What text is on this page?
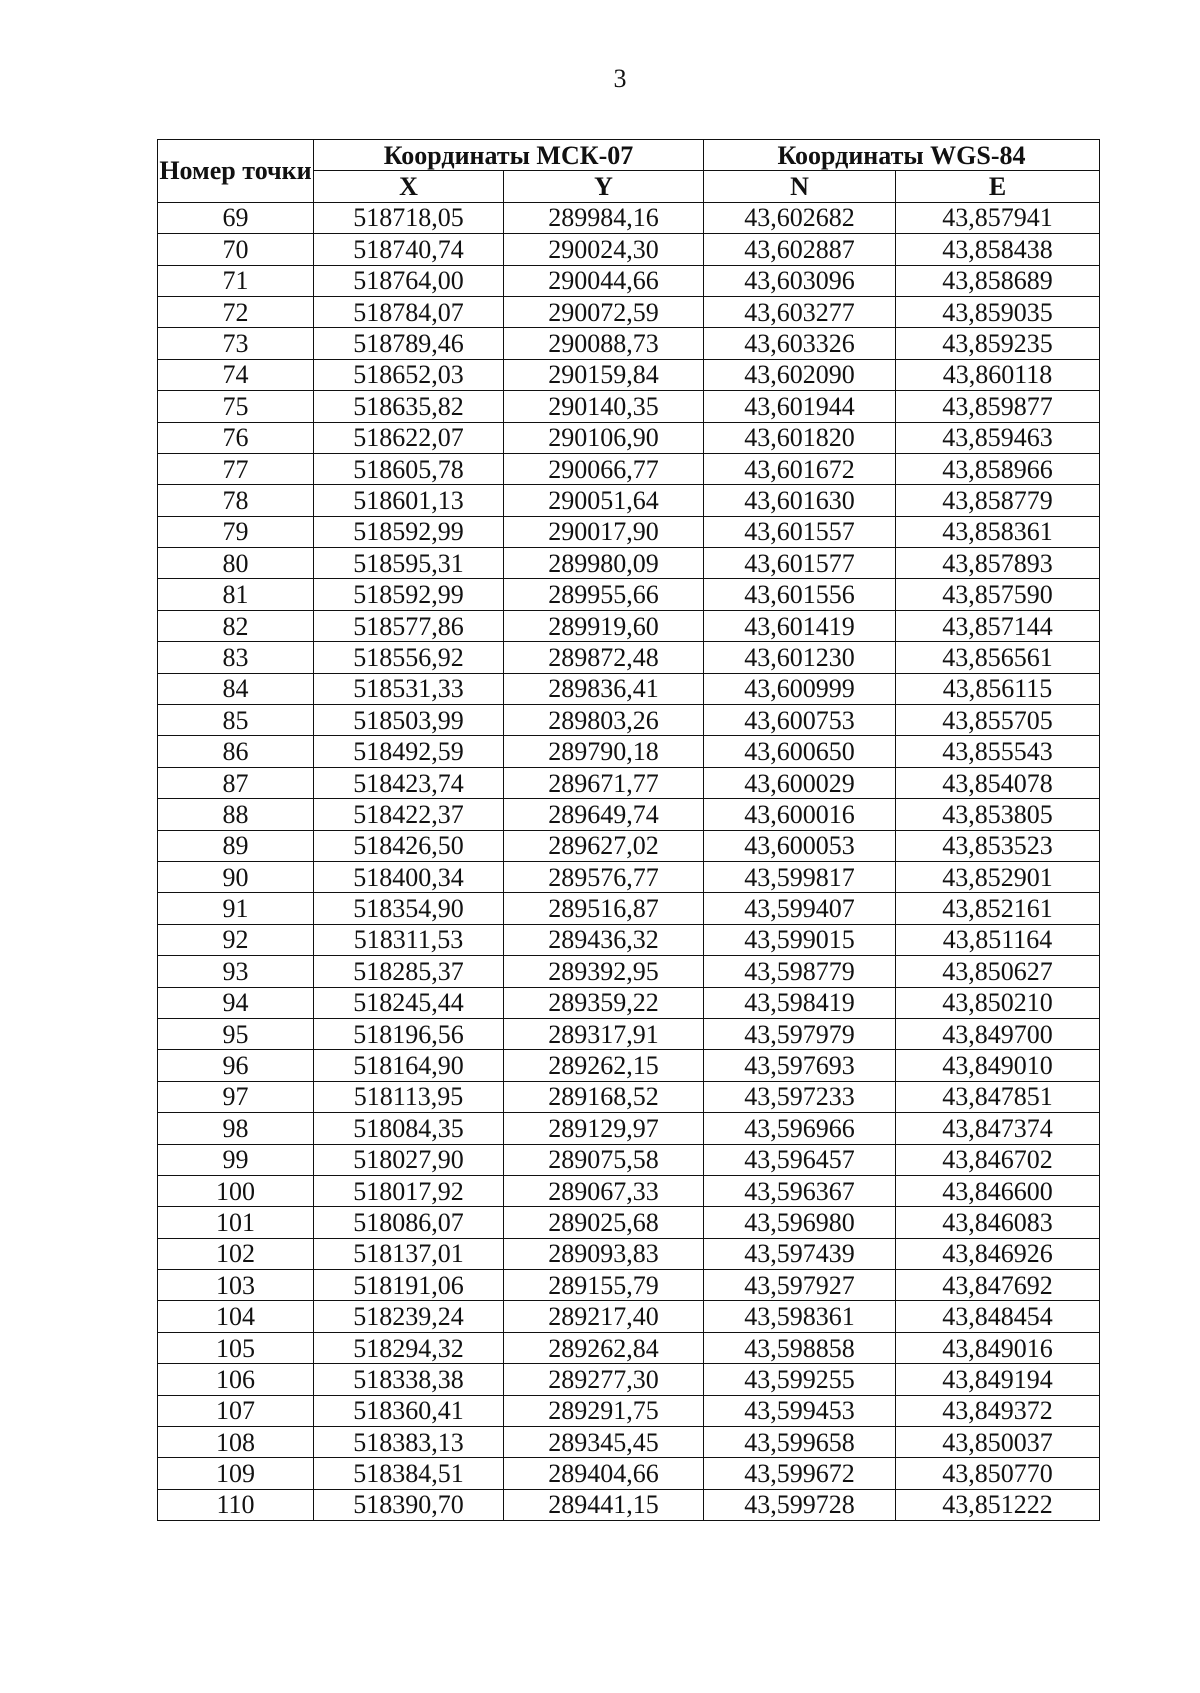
3
Номер точки	Координаты МСК-07		Координаты WGS-84	
	X	Y	N	E
69	518718,05	289984,16	43,602682	43,857941
70	518740,74	290024,30	43,602887	43,858438
71	518764,00	290044,66	43,603096	43,858689
72	518784,07	290072,59	43,603277	43,859035
73	518789,46	290088,73	43,603326	43,859235
74	518652,03	290159,84	43,602090	43,860118
75	518635,82	290140,35	43,601944	43,859877
76	518622,07	290106,90	43,601820	43,859463
77	518605,78	290066,77	43,601672	43,858966
78	518601,13	290051,64	43,601630	43,858779
79	518592,99	290017,90	43,601557	43,858361
80	518595,31	289980,09	43,601577	43,857893
81	518592,99	289955,66	43,601556	43,857590
82	518577,86	289919,60	43,601419	43,857144
83	518556,92	289872,48	43,601230	43,856561
84	518531,33	289836,41	43,600999	43,856115
85	518503,99	289803,26	43,600753	43,855705
86	518492,59	289790,18	43,600650	43,855543
87	518423,74	289671,77	43,600029	43,854078
88	518422,37	289649,74	43,600016	43,853805
89	518426,50	289627,02	43,600053	43,853523
90	518400,34	289576,77	43,599817	43,852901
91	518354,90	289516,87	43,599407	43,852161
92	518311,53	289436,32	43,599015	43,851164
93	518285,37	289392,95	43,598779	43,850627
94	518245,44	289359,22	43,598419	43,850210
95	518196,56	289317,91	43,597979	43,849700
96	518164,90	289262,15	43,597693	43,849010
97	518113,95	289168,52	43,597233	43,847851
98	518084,35	289129,97	43,596966	43,847374
99	518027,90	289075,58	43,596457	43,846702
100	518017,92	289067,33	43,596367	43,846600
101	518086,07	289025,68	43,596980	43,846083
102	518137,01	289093,83	43,597439	43,846926
103	518191,06	289155,79	43,597927	43,847692
104	518239,24	289217,40	43,598361	43,848454
105	518294,32	289262,84	43,598858	43,849016
106	518338,38	289277,30	43,599255	43,849194
107	518360,41	289291,75	43,599453	43,849372
108	518383,13	289345,45	43,599658	43,850037
109	518384,51	289404,66	43,599672	43,850770
110	518390,70	289441,15	43,599728	43,851222
